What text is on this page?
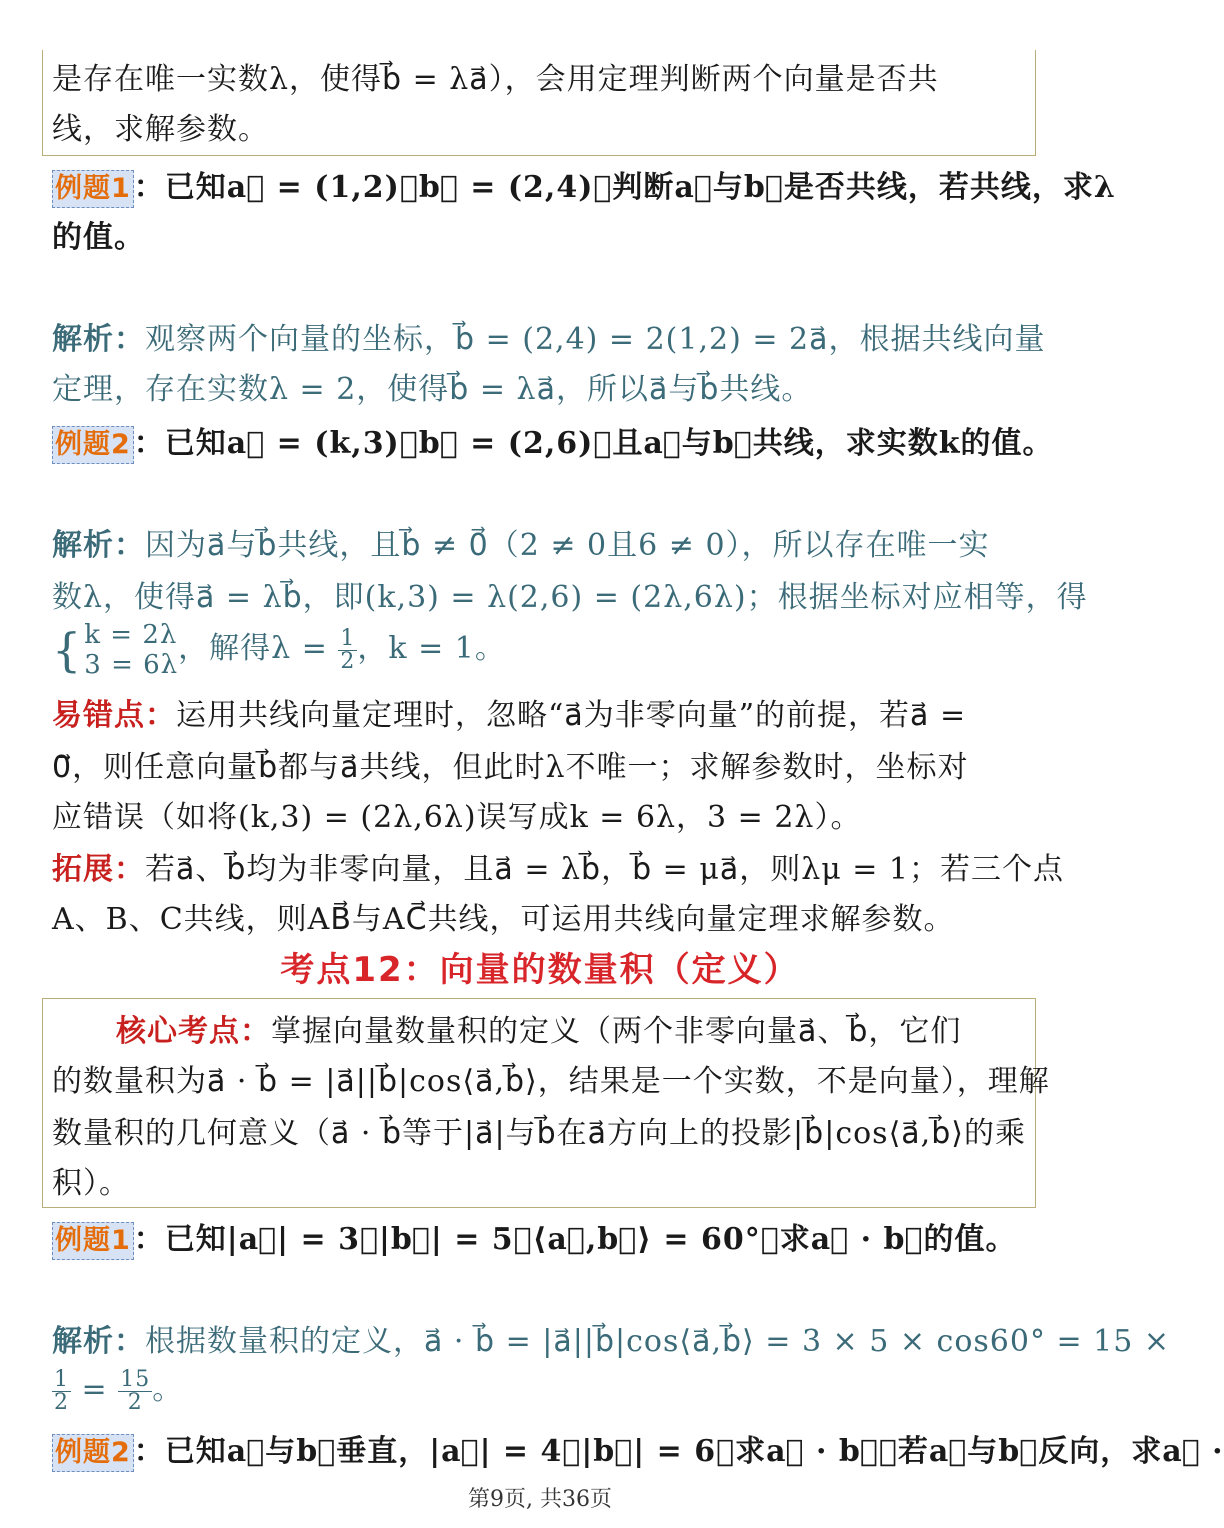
是存在唯一实数λ，使得b⃗ = λa⃗），会用定理判断两个向量是否共
线，求解参数。
例题1 ：已知a⃗ = (1,2)，b⃗ = (2,4)，判断a⃗与b⃗是否共线，若共线，求λ
的值。
解析：观察两个向量的坐标，b⃗ = (2,4) = 2(1,2) = 2a⃗，根据共线向量
定理，存在实数λ = 2，使得b⃗ = λa⃗，所以a⃗与b⃗共线。
例题2 ：已知a⃗ = (k,3)，b⃗ = (2,6)，且a⃗与b⃗共线，求实数k的值。
解析：因为a⃗与b⃗共线，且b⃗ ≠ 0⃗（2 ≠ 0且6 ≠ 0），所以存在唯一实
数λ，使得a⃗ = λb⃗，即(k,3) = λ(2,6) = (2λ,6λ)；根据坐标对应相等，得
{ k = 2λ
3 = 6λ ，解得$\lambda = \frac{1}{2}$ ，k = 1。
易错点：运用共线向量定理时，忽略“a⃗为非零向量”的前提，若a⃗ =
0⃗，则任意向量b⃗都与a⃗共线，但此时λ不唯一；求解参数时，坐标对
应错误（如将(k,3) = (2λ,6λ)误写成k = 6λ，3 = 2λ）。
拓展：若a⃗、b⃗均为非零向量，且a⃗ = λb⃗，b⃗ = μa⃗，则λμ = 1；若三个点
A、B、C共线，则AB⃗与AC⃗共线，可运用共线向量定理求解参数。
考点12：向量的数量积（定义）
核心考点：掌握向量数量积的定义（两个非零向量a⃗、b⃗，它们
的数量积为a⃗ · b⃗ = |a⃗||b⃗|cos⟨a⃗,b⃗⟩，结果是一个实数，不是向量），理解
数量积的几何意义（a⃗ · b⃗等于|a⃗|与b⃗在a⃗方向上的投影|b⃗|cos⟨a⃗,b⃗⟩的乘
积）。
例题1 ：已知|a⃗| = 3，|b⃗| = 5，⟨a⃗,b⃗⟩ = 60°，求a⃗ · b⃗的值。
解析：根据数量积的定义，a⃗ · b⃗ = |a⃗||b⃗|cos⟨a⃗,b⃗⟩ = 3 × 5 × cos60° = 15 ×
$\frac{1}{2} = \frac{15}{2}$ 。
例题2 ：已知a⃗与b⃗垂直，|a⃗| = 4，|b⃗| = 6，求a⃗ · b⃗；若a⃗与b⃗反向，求a⃗ ·
第9页, 共36页
